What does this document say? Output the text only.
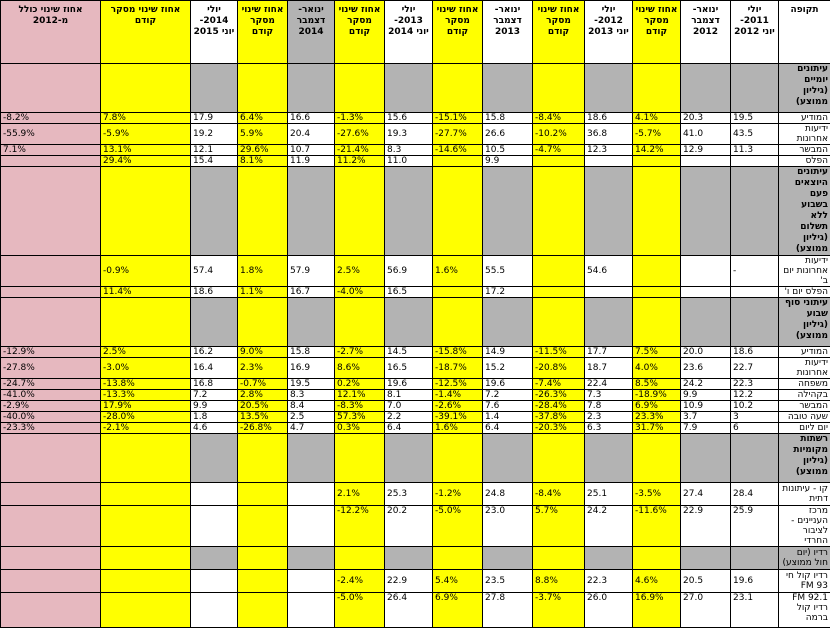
תקופה	יולי 2011- יוני 2012	ינואר- דצמבר 2012	אחוז שינוי מסקר קודם	יולי 2012- יוני 2013	אחוז שינוי מסקר קודם	ינואר- דצמבר 2013	אחוז שינוי מסקר קודם	יולי 2013- יוני 2014	אחוז שינוי מסקר קודם	ינואר- דצמבר 2014	אחוז שינוי מסקר קודם	יולי 2014- יוני 2015	אחוז שינוי מסקר קודם	אחוז שינוי כולל מ-2012
עיתונים יומיים (גיליון ממוצע)														
המודיע	19.5	20.3	4.1%	18.6	-8.4%	15.8	-15.1%	15.6	-1.3%	16.6	6.4%	17.9	7.8%	-8.2%
ידיעות אחרונות	43.5	41.0	-5.7%	36.8	-10.2%	26.6	-27.7%	19.3	-27.6%	20.4	5.9%	19.2	-5.9%	-55.9%
המבשר	11.3	12.9	14.2%	12.3	-4.7%	10.5	-14.6%	8.3	-21.4%	10.7	29.6%	12.1	13.1%	7.1%
הפלס						9.9		11.0	11.2%	11.9	8.1%	15.4	29.4%	
עיתונים היוצאים פעם בשבוע ללא תשלום (גיליון ממוצע)														
ידיעות אחרונות יום ב'	-			54.6		55.5	1.6%	56.9	2.5%	57.9	1.8%	57.4	-0.9%	
הפלס יום ו'						17.2		16.5	-4.0%	16.7	1.1%	18.6	11.4%	
עיתוני סוף שבוע (גיליון ממוצע)														
המודיע	18.6	20.0	7.5%	17.7	-11.5%	14.9	-15.8%	14.5	-2.7%	15.8	9.0%	16.2	2.5%	-12.9%
ידיעות אחרונות	22.7	23.6	4.0%	18.7	-20.8%	15.2	-18.7%	16.5	8.6%	16.9	2.3%	16.4	-3.0%	-27.8%
משפחה	22.3	24.2	8.5%	22.4	-7.4%	19.6	-12.5%	19.6	0.2%	19.5	-0.7%	16.8	-13.8%	-24.7%
בקהילה	12.2	9.9	-18.9%	7.3	-26.3%	7.2	-1.4%	8.1	12.1%	8.3	2.8%	7.2	-13.3%	-41.0%
המבשר	10.2	10.9	6.9%	7.8	-28.4%	7.6	-2.6%	7.0	-8.3%	8.4	20.5%	9.9	17.9%	-2.9%
שעה טובה	3	3.7	23.3%	2.3	-37.8%	1.4	-39.1%	2.2	57.3%	2.5	13.5%	1.8	-28.0%	-40.0%
יום ליום	6	7.9	31.7%	6.3	-20.3%	6.4	1.6%	6.4	0.3%	4.7	-26.8%	4.6	-2.1%	-23.3%
רשתות מקומיות (גיליון ממוצע)														
קו - עיתונות דתית	28.4	27.4	-3.5%	25.1	-8.4%	24.8	-1.2%	25.3	2.1%					
מרכז העניינים - לציבור החרדי	25.9	22.9	-11.6%	24.2	5.7%	23.0	-5.0%	20.2	-12.2%					
רדיו (יום חול ממוצע)														
רדיו קול חי 93 FM	19.6	20.5	4.6%	22.3	8.8%	23.5	5.4%	22.9	-2.4%					
FM 92.1 רדיו קול ברמה	23.1	27.0	16.9%	26.0	-3.7%	27.8	6.9%	26.4	-5.0%					
